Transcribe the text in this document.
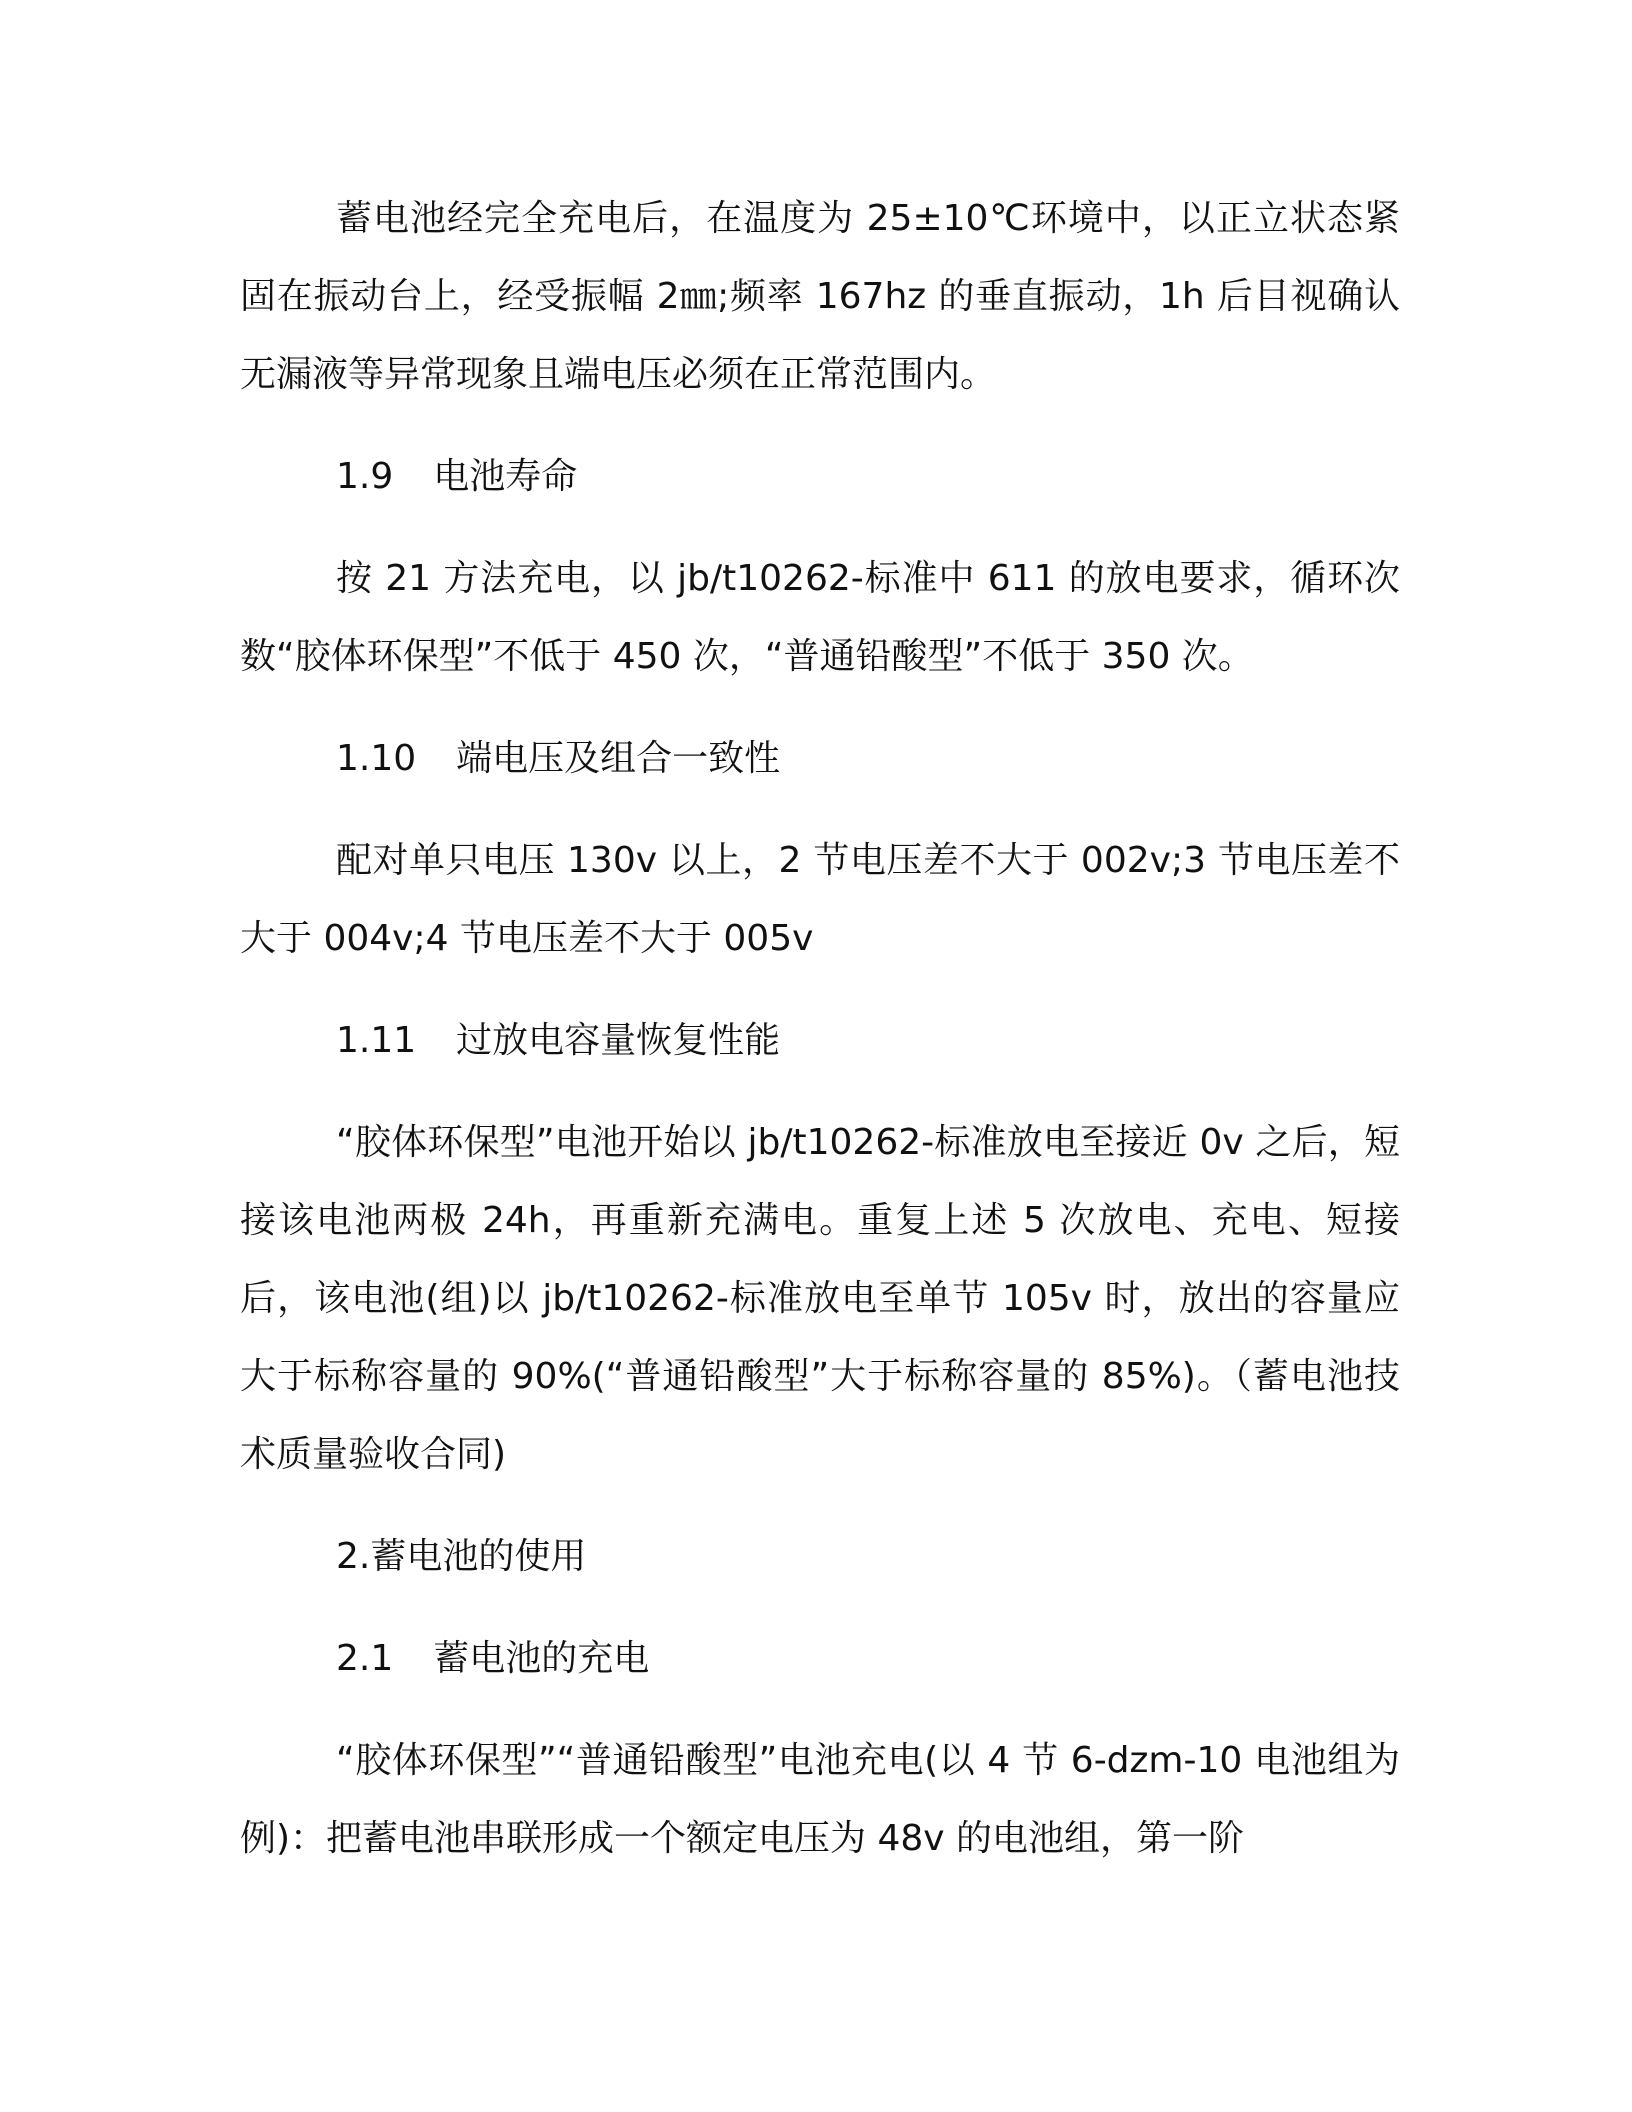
蓄电池经完全充电后，在温度为 25±10℃环境中，以正立状态紧固在振动台上，经受振幅 2㎜;频率 167hz 的垂直振动，1h 后目视确认无漏液等异常现象且端电压必须在正常范围内。

1.9 电池寿命

按 21 方法充电，以 jb/t10262-标准中 611 的放电要求，循环次数“胶体环保型”不低于 450 次，“普通铅酸型”不低于 350 次。

1.10 端电压及组合一致性

配对单只电压 130v 以上，2 节电压差不大于 002v;3 节电压差不大于 004v;4 节电压差不大于 005v

1.11 过放电容量恢复性能

“胶体环保型”电池开始以 jb/t10262-标准放电至接近 0v 之后，短接该电池两极 24h，再重新充满电。重复上述 5 次放电、充电、短接后，该电池(组)以 jb/t10262-标准放电至单节 105v 时，放出的容量应大于标称容量的 90%(“普通铅酸型”大于标称容量的 85%)。（蓄电池技术质量验收合同)

2.蓄电池的使用
2.1 蓄电池的充电

“胶体环保型”“普通铅酸型”电池充电(以 4 节 6-dzm-10 电池组为例)：把蓄电池串联形成一个额定电压为 48v 的电池组，第一阶
